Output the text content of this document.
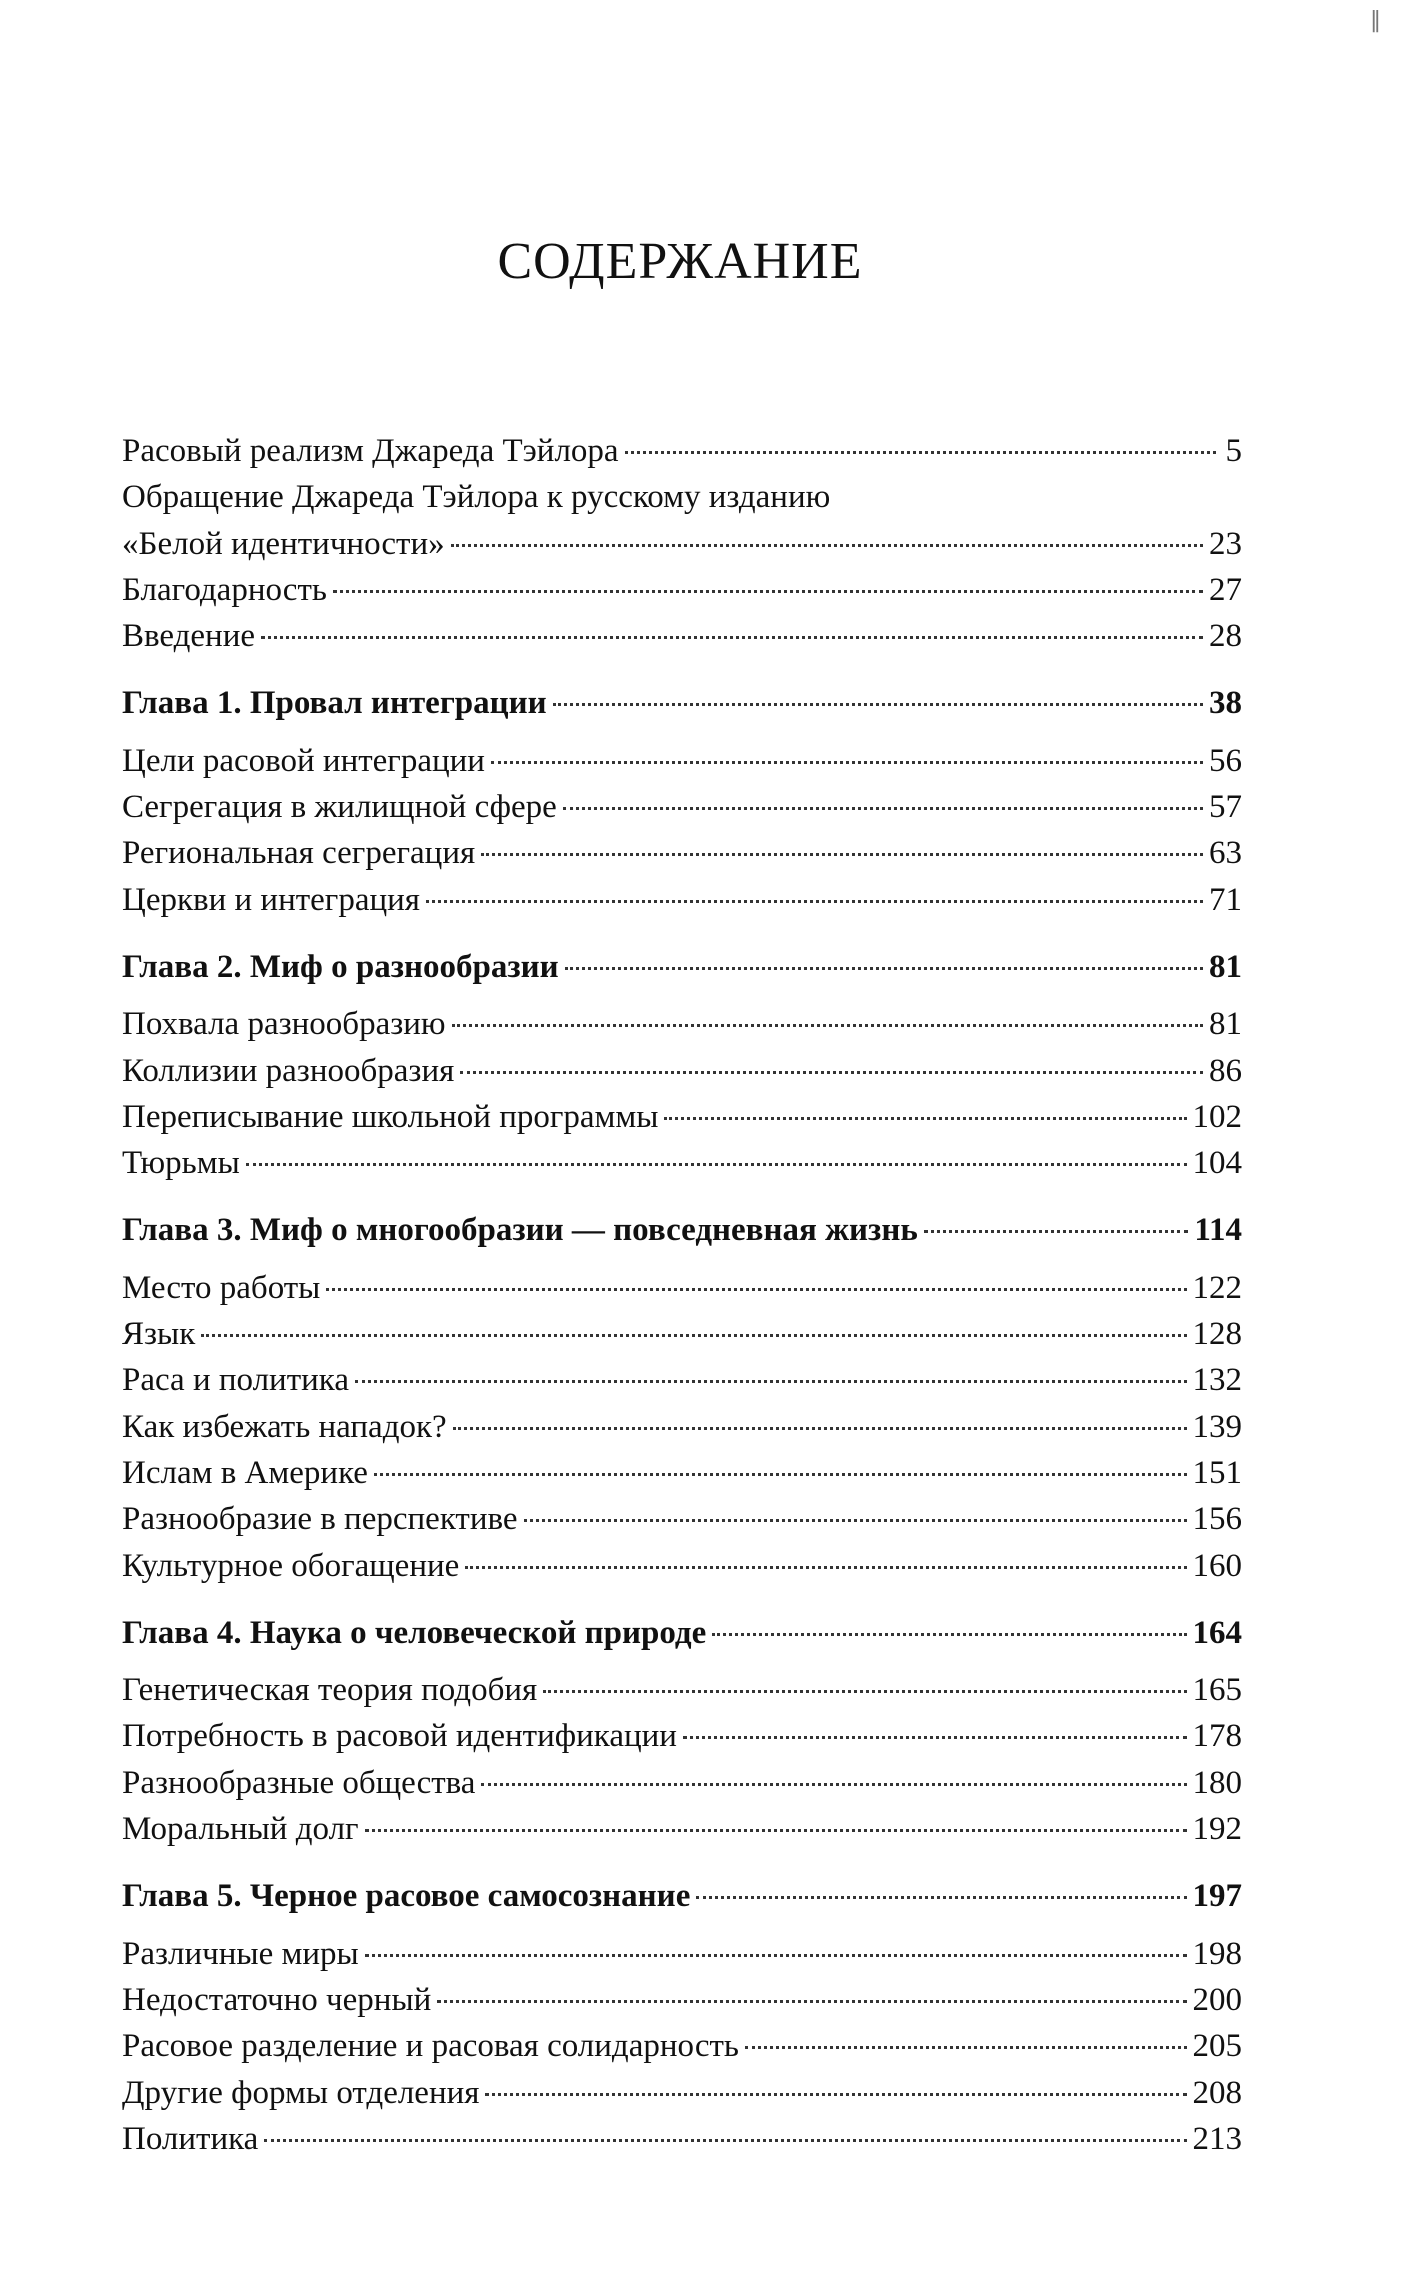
СОДЕРЖАНИЕ
Расовый реализм Джареда Тэйлора	5
Обращение Джареда Тэйлора к русскому изданию
«Белой идентичности»	23
Благодарность	27
Введение	28
Глава 1. Провал интеграции	38
Цели расовой интеграции	56
Сегрегация в жилищной сфере	57
Региональная сегрегация	63
Церкви и интеграция	71
Глава 2. Миф о разнообразии	81
Похвала разнообразию	81
Коллизии разнообразия	86
Переписывание школьной программы	102
Тюрьмы	104
Глава 3. Миф о многообразии — повседневная жизнь	114
Место работы	122
Язык	128
Раса и политика	132
Как избежать нападок?	139
Ислам в Америке	151
Разнообразие в перспективе	156
Культурное обогащение	160
Глава 4. Наука о человеческой природе	164
Генетическая теория подобия	165
Потребность в расовой идентификации	178
Разнообразные общества	180
Моральный долг	192
Глава 5. Черное расовое самосознание	197
Различные миры	198
Недостаточно черный	200
Расовое разделение и расовая солидарность	205
Другие формы отделения	208
Политика	213
‖
